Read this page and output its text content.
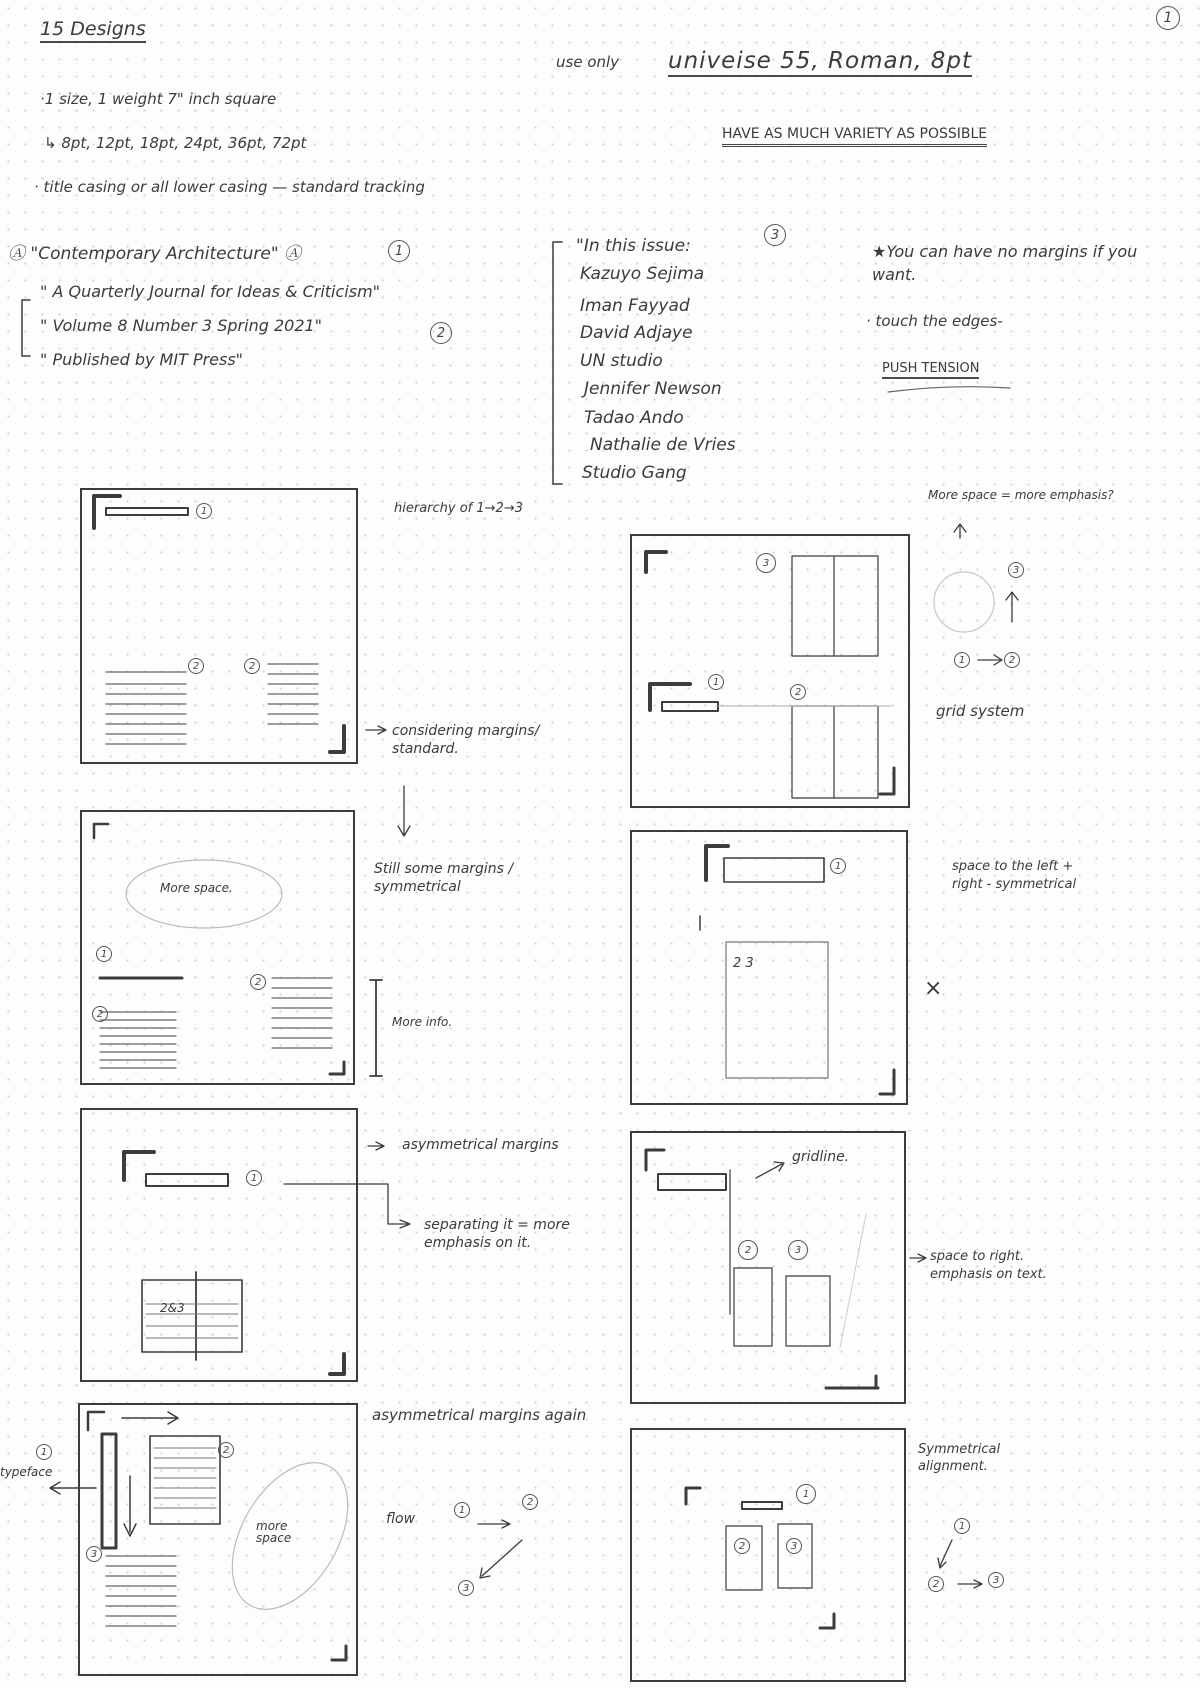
15 Designs	1
use only univeise 55, Roman, 8pt
·1 size, 1 weight 7" inch square
↳ 8pt, 12pt, 18pt, 24pt, 36pt, 72pt
· title casing or all lower casing — standard tracking
HAVE AS MUCH VARIETY AS POSSIBLE
Ⓐ "Contemporary Architecture" Ⓐ	1
" A Quarterly Journal for Ideas & Criticism"
" Volume 8 Number 3 Spring 2021"	2
" Published by MIT Press"
"In this issue:
3
Kazuyo Sejima
Iman Fayyad
David Adjaye
UN studio
Jennifer Newson
Tadao Ando
Nathalie de Vries
Studio Gang
★You can have no margins if you want.
· touch the edges-
PUSH TENSION
1
2	2
1
2
2
1
2&3
2
3
1
3
1
2
1
2 3
2	3
1
2	3
3
1	2
2
1
3
1
2	3
hierarchy of 1→2→3
considering margins/ standard.
Still some margins / symmetrical
More info.
More space.
asymmetrical margins
separating it = more emphasis on it.
asymmetrical margins again
flow
typeface
more space
More space = more emphasis?
grid system
space to the left + right - symmetrical
×
gridline.
space to right. emphasis on text.
Symmetrical alignment.
